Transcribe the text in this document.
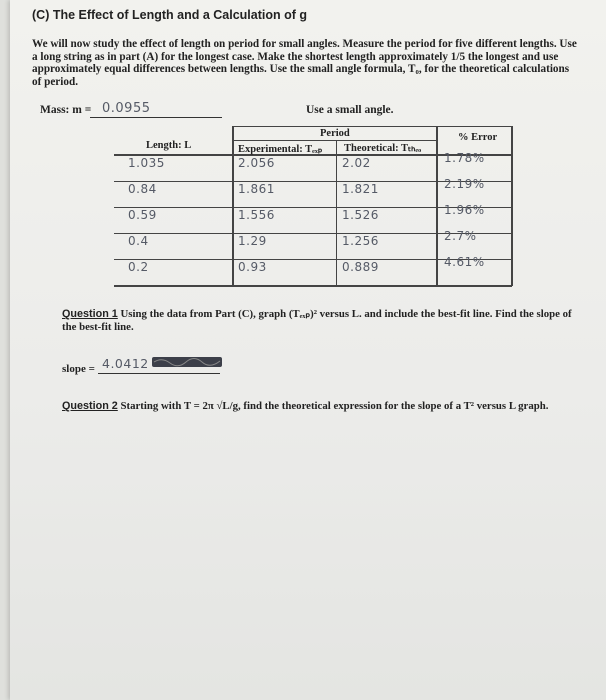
(C) The Effect of Length and a Calculation of g
We will now study the effect of length on period for small angles. Measure the period for five different lengths. Use a long string as in part (A) for the longest case. Make the shortest length approximately 1/5 the longest and use approximately equal differences between lengths. Use the small angle formula, T₀, for the theoretical calculations of period.
Mass: m = 0.0955	Use a small angle.
Length: L
Period
Experimental: Tₑₓₚ Theoretical: Tₜₕₑₒ
% Error
1.035	2.056	2.02	1.78%
0.84	1.861	1.821	2.19%
0.59	1.556	1.526	1.96%
0.4	1.29	1.256	2.7%
0.2	0.93	0.889	4.61%
Question 1 Using the data from Part (C), graph (Tₑₓₚ)² versus L. and include the best-fit line. Find the slope of the best-fit line.
slope = 4.0412
Question 2 Starting with T = 2π √L/g, find the theoretical expression for the slope of a T² versus L graph.
